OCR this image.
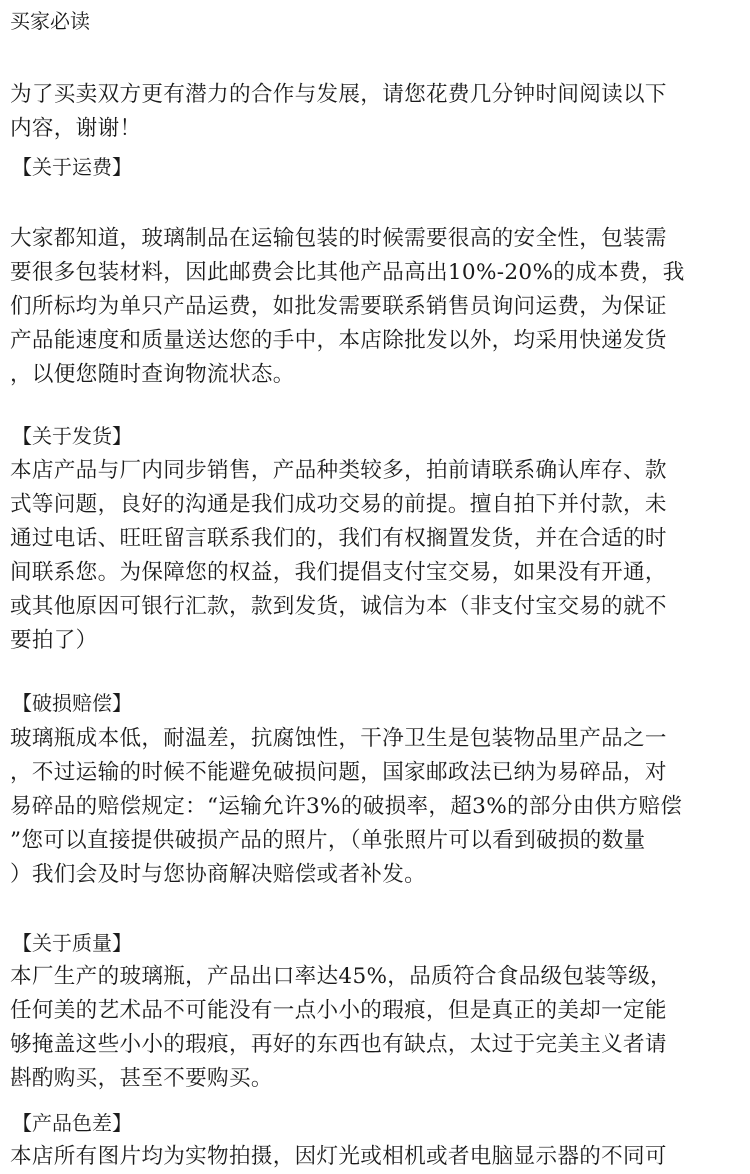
买家必读
为了买卖双方更有潜力的合作与发展，请您花费几分钟时间阅读以下
内容，谢谢！
【关于运费】
大家都知道，玻璃制品在运输包装的时候需要很高的安全性，包装需
要很多包装材料，因此邮费会比其他产品高出10%-20%的成本费，我
们所标均为单只产品运费，如批发需要联系销售员询问运费，为保证
产品能速度和质量送达您的手中，本店除批发以外，均采用快递发货
，以便您随时查询物流状态。
【关于发货】
本店产品与厂内同步销售，产品种类较多，拍前请联系确认库存、款
式等问题，良好的沟通是我们成功交易的前提。擅自拍下并付款，未
通过电话、旺旺留言联系我们的，我们有权搁置发货，并在合适的时
间联系您。为保障您的权益，我们提倡支付宝交易，如果没有开通，
或其他原因可银行汇款，款到发货，诚信为本（非支付宝交易的就不
要拍了）
【破损赔偿】
玻璃瓶成本低，耐温差，抗腐蚀性，干净卫生是包装物品里产品之一
，不过运输的时候不能避免破损问题，国家邮政法已纳为易碎品，对
易碎品的赔偿规定：“运输允许3%的破损率，超3%的部分由供方赔偿
”您可以直接提供破损产品的照片，（单张照片可以看到破损的数量
）我们会及时与您协商解决赔偿或者补发。
【关于质量】
本厂生产的玻璃瓶，产品出口率达45%，品质符合食品级包装等级，
任何美的艺术品不可能没有一点小小的瑕痕，但是真正的美却一定能
够掩盖这些小小的瑕痕，再好的东西也有缺点，太过于完美主义者请
斟酌购买，甚至不要购买。
【产品色差】
本店所有图片均为实物拍摄，因灯光或相机或者电脑显示器的不同可
